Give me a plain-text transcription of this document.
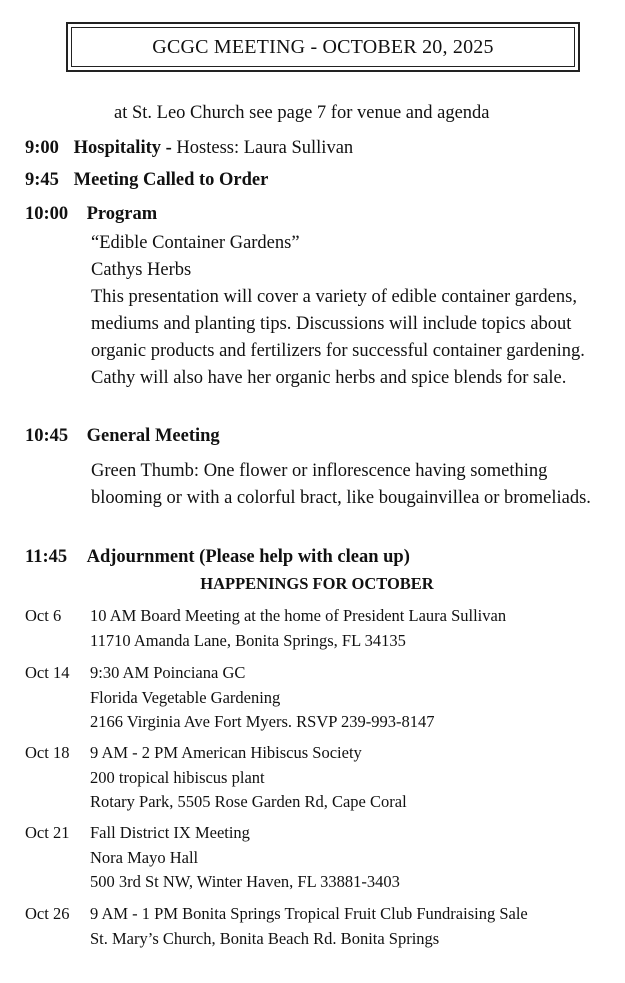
GCGC MEETING - OCTOBER 20, 2025
at St. Leo Church see page 7 for venue and agenda
9:00 Hospitality - Hostess: Laura Sullivan
9:45 Meeting Called to Order
10:00 Program
“Edible Container Gardens”
Cathys Herbs
This presentation will cover a variety of edible container gardens, mediums and planting tips. Discussions will include topics about organic products and fertilizers for successful container gardening. Cathy will also have her organic herbs and spice blends for sale.
10:45 General Meeting
Green Thumb: One flower or inflorescence having something blooming or with a colorful bract, like bougainvillea or bromeliads.
11:45 Adjournment (Please help with clean up)
HAPPENINGS FOR OCTOBER
Oct 6	10 AM Board Meeting at the home of President Laura Sullivan
11710 Amanda Lane, Bonita Springs, FL 34135
Oct 14	9:30 AM Poinciana GC
Florida Vegetable Gardening
2166 Virginia Ave Fort Myers. RSVP 239-993-8147
Oct 18	9 AM - 2 PM American Hibiscus Society
200 tropical hibiscus plant
Rotary Park, 5505 Rose Garden Rd, Cape Coral
Oct 21	Fall District IX Meeting
Nora Mayo Hall
500 3rd St NW, Winter Haven, FL 33881-3403
Oct 26	9 AM - 1 PM Bonita Springs Tropical Fruit Club Fundraising Sale
St. Mary’s Church, Bonita Beach Rd. Bonita Springs
